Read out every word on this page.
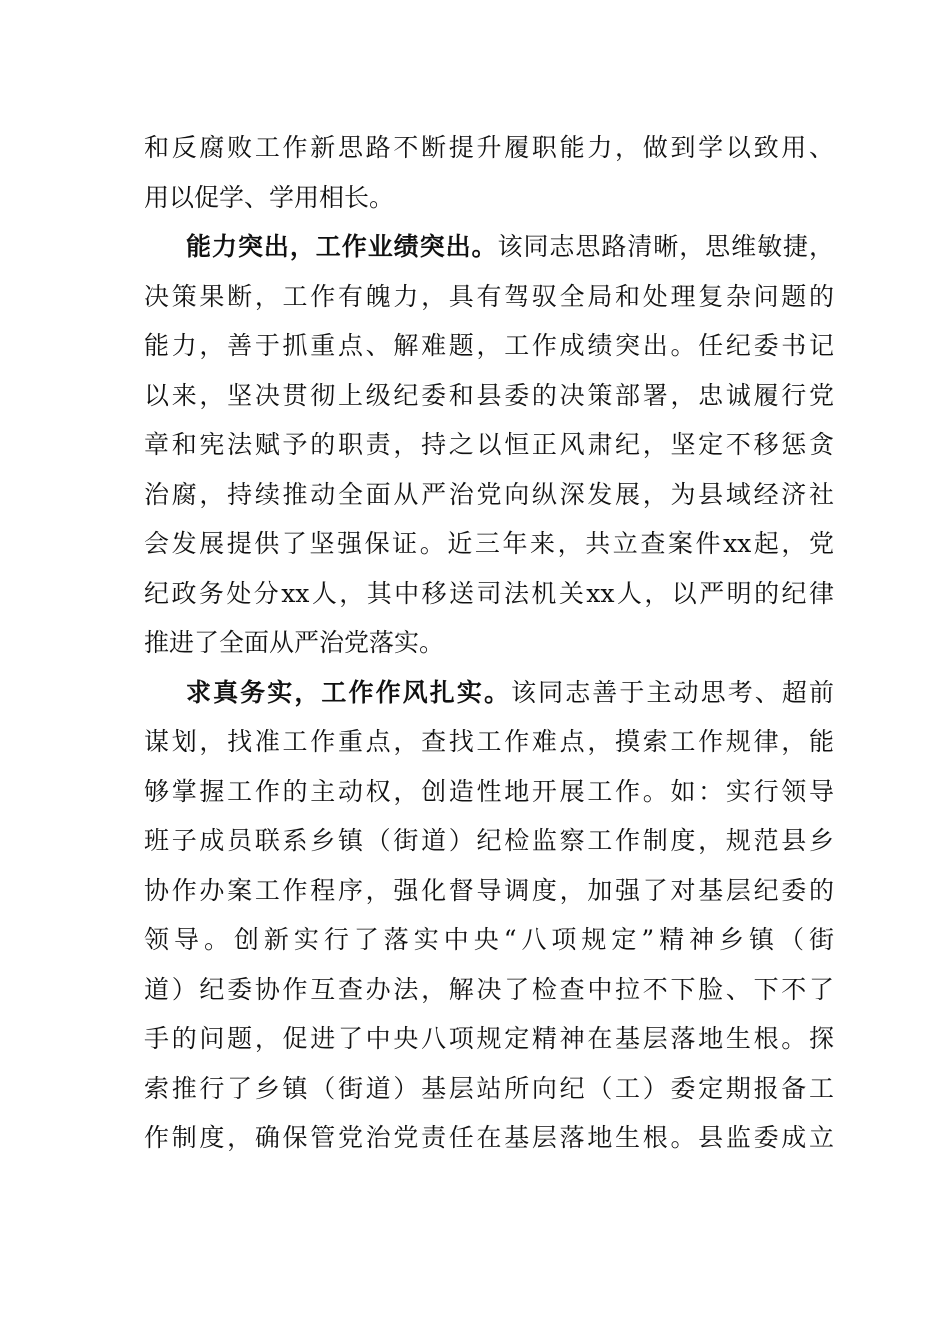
和反腐败工作新思路不断提升履职能力，做到学以致用、
用以促学、学用相长。
能力突出，工作业绩突出。该同志思路清晰，思维敏捷，
决策果断，工作有魄力，具有驾驭全局和处理复杂问题的
能力，善于抓重点、解难题，工作成绩突出。任纪委书记
以来，坚决贯彻上级纪委和县委的决策部署，忠诚履行党
章和宪法赋予的职责，持之以恒正风肃纪，坚定不移惩贪
治腐，持续推动全面从严治党向纵深发展，为县域经济社
会发展提供了坚强保证。近三年来，共立查案件xx起，党
纪政务处分xx人，其中移送司法机关xx人，以严明的纪律
推进了全面从严治党落实。
求真务实，工作作风扎实。该同志善于主动思考、超前
谋划，找准工作重点，查找工作难点，摸索工作规律，能
够掌握工作的主动权，创造性地开展工作。如：实行领导
班子成员联系乡镇（街道）纪检监察工作制度，规范县乡
协作办案工作程序，强化督导调度，加强了对基层纪委的
领导。创新实行了落实中央“八项规定”精神乡镇（街
道）纪委协作互查办法，解决了检查中拉不下脸、下不了
手的问题，促进了中央八项规定精神在基层落地生根。探
索推行了乡镇（街道）基层站所向纪（工）委定期报备工
作制度，确保管党治党责任在基层落地生根。县监委成立
